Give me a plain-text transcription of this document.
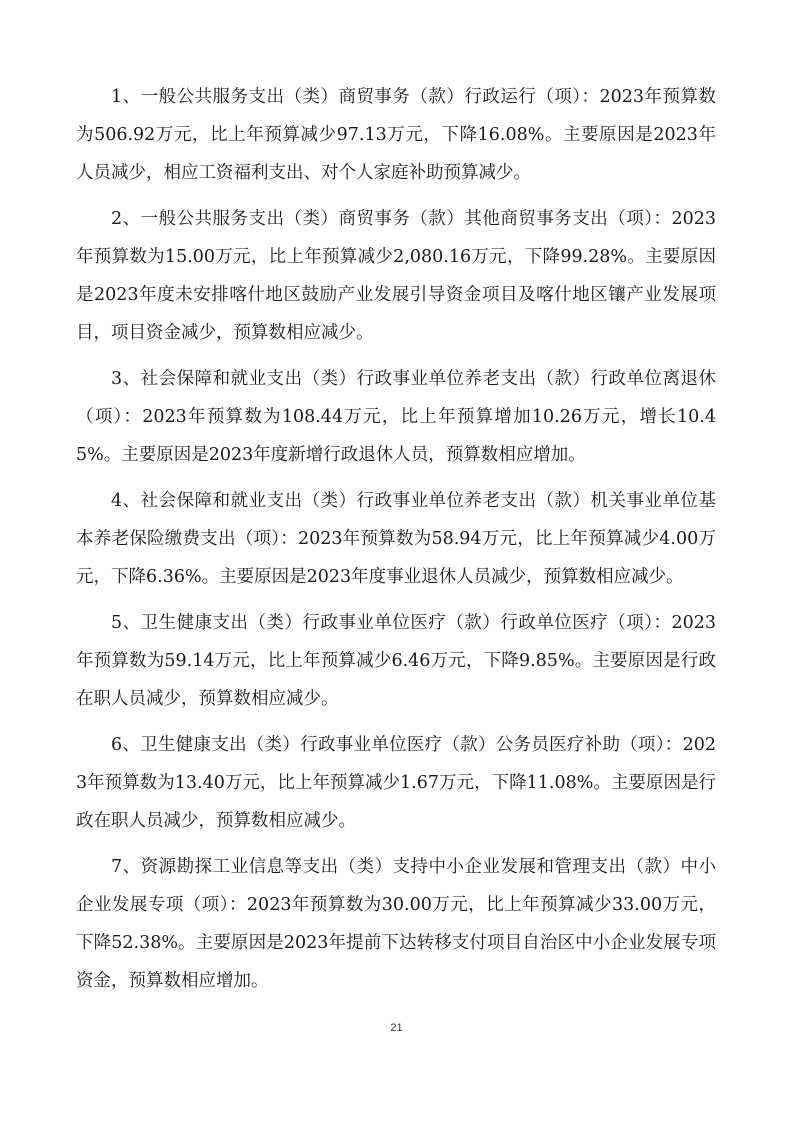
1、一般公共服务支出（类）商贸事务（款）行政运行（项）：2023年预算数为506.92万元，比上年预算减少97.13万元，下降16.08%。主要原因是2023年人员减少，相应工资福利支出、对个人家庭补助预算减少。

2、一般公共服务支出（类）商贸事务（款）其他商贸事务支出（项）：2023年预算数为15.00万元，比上年预算减少2,080.16万元，下降99.28%。主要原因是2023年度未安排喀什地区鼓励产业发展引导资金项目及喀什地区镶产业发展项目，项目资金减少，预算数相应减少。

3、社会保障和就业支出（类）行政事业单位养老支出（款）行政单位离退休（项）：2023年预算数为108.44万元，比上年预算增加10.26万元，增长10.45%。主要原因是2023年度新增行政退休人员，预算数相应增加。

4、社会保障和就业支出（类）行政事业单位养老支出（款）机关事业单位基本养老保险缴费支出（项）：2023年预算数为58.94万元，比上年预算减少4.00万元，下降6.36%。主要原因是2023年度事业退休人员减少，预算数相应减少。

5、卫生健康支出（类）行政事业单位医疗（款）行政单位医疗（项）：2023年预算数为59.14万元，比上年预算减少6.46万元，下降9.85%。主要原因是行政在职人员减少，预算数相应减少。

6、卫生健康支出（类）行政事业单位医疗（款）公务员医疗补助（项）：2023年预算数为13.40万元，比上年预算减少1.67万元，下降11.08%。主要原因是行政在职人员减少，预算数相应减少。

7、资源勘探工业信息等支出（类）支持中小企业发展和管理支出（款）中小企业发展专项（项）：2023年预算数为30.00万元，比上年预算减少33.00万元，下降52.38%。主要原因是2023年提前下达转移支付项目自治区中小企业发展专项资金，预算数相应增加。

21
